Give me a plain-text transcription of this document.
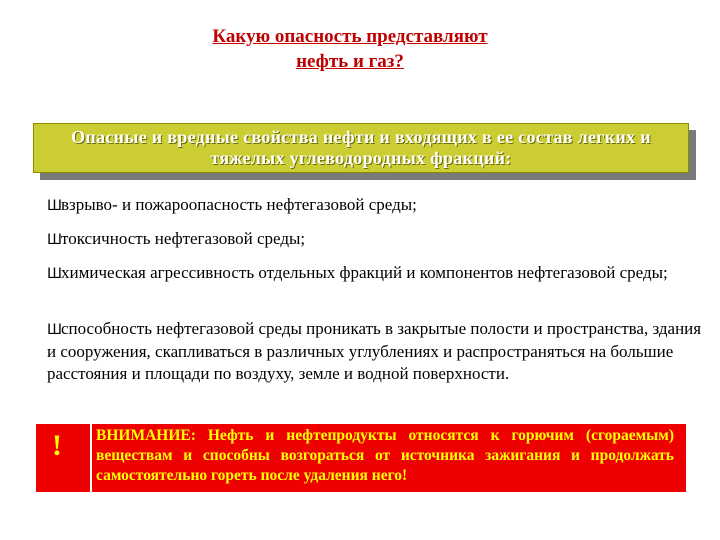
Какую опасность представляют нефть и газ?
Опасные и вредные свойства нефти и входящих в ее состав легких и тяжелых углеводородных фракций:

Швзрыво- и пожароопасность нефтегазовой среды;

Штоксичность нефтегазовой среды;

Шхимическая агрессивность отдельных фракций и компонентов нефтегазовой среды;

Шспособность нефтегазовой среды проникать в закрытые полости и пространства, здания и сооружения, скапливаться в различных углублениях и распространяться на большие расстояния и площади по воздуху, земле и водной поверхности.

! ВНИМАНИЕ: Нефть и нефтепродукты относятся к горючим (сгораемым) веществам и способны возгораться от источника зажигания и продолжать самостоятельно гореть после удаления него!
